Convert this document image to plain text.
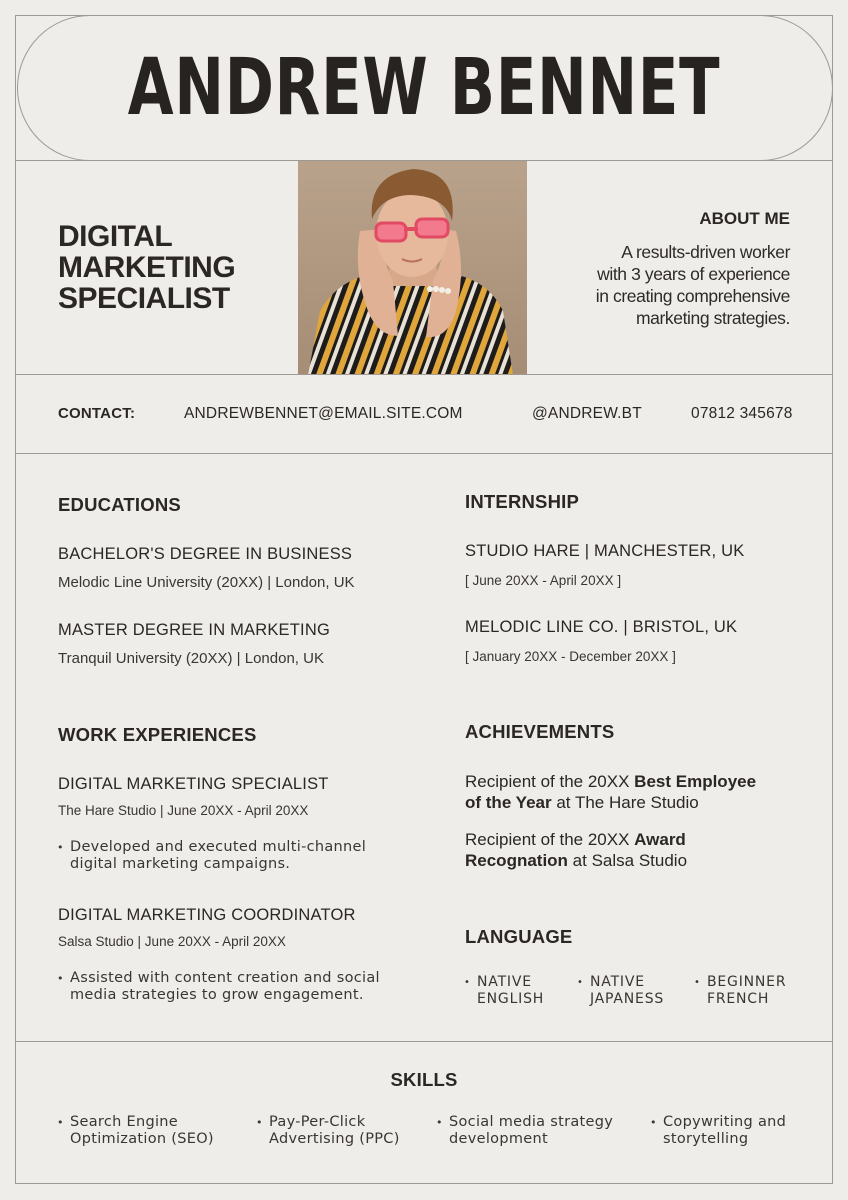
ANDREW BENNET
DIGITAL
MARKETING
SPECIALIST
ABOUT ME
A results-driven worker
with 3 years of experience
in creating comprehensive
marketing strategies.
CONTACT:	ANDREWBENNET@EMAIL.SITE.COM	@ANDREW.BT	07812 345678
EDUCATIONS
BACHELOR'S DEGREE IN BUSINESS
Melodic Line University (20XX) | London, UK
MASTER DEGREE IN MARKETING
Tranquil University (20XX) | London, UK
INTERNSHIP
STUDIO HARE | MANCHESTER, UK
[ June 20XX - April 20XX ]
MELODIC LINE CO. | BRISTOL, UK
[ January 20XX - December 20XX ]
WORK EXPERIENCES
DIGITAL MARKETING SPECIALIST
The Hare Studio | June 20XX - April 20XX
• Developed and executed multi-channel
digital marketing campaigns.
DIGITAL MARKETING COORDINATOR
Salsa Studio | June 20XX - April 20XX
• Assisted with content creation and social
media strategies to grow engagement.
ACHIEVEMENTS
Recipient of the 20XX Best Employee
of the Year at The Hare Studio
Recipient of the 20XX Award
Recognation at Salsa Studio
LANGUAGE
• NATIVE
ENGLISH
• NATIVE
JAPANESS
• BEGINNER
FRENCH
SKILLS
• Search Engine
Optimization (SEO)
• Pay-Per-Click
Advertising (PPC)
• Social media strategy
development
• Copywriting and
storytelling
